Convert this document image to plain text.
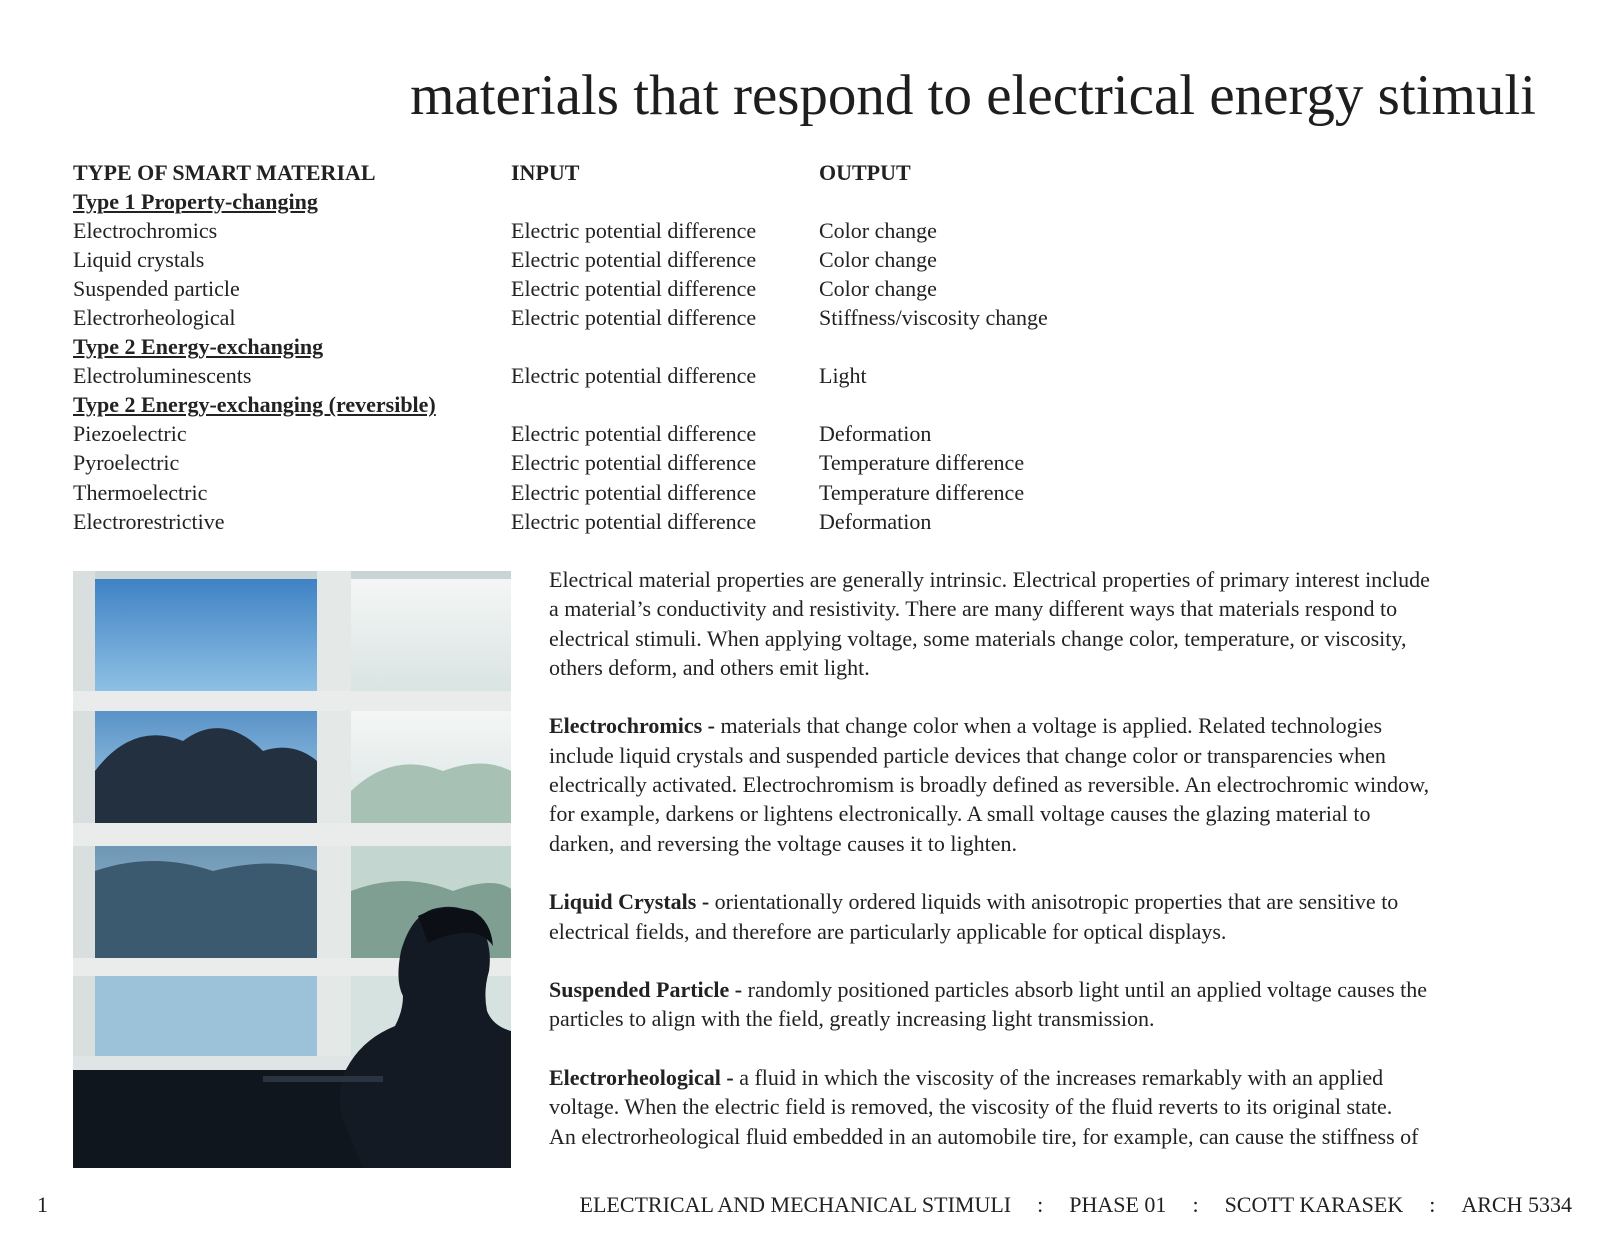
materials that respond to electrical energy stimuli
TYPE OF SMART MATERIAL	INPUT	OUTPUT
Type 1 Property-changing
Electrochromics	Electric potential difference	Color change
Liquid crystals	Electric potential difference	Color change
Suspended particle	Electric potential difference	Color change
Electrorheological	Electric potential difference	Stiffness/viscosity change
Type 2 Energy-exchanging
Electroluminescents	Electric potential difference	Light
Type 2 Energy-exchanging (reversible)
Piezoelectric	Electric potential difference	Deformation
Pyroelectric	Electric potential difference	Temperature difference
Thermoelectric	Electric potential difference	Temperature difference
Electrorestrictive	Electric potential difference	Deformation

Electrical material properties are generally intrinsic. Electrical properties of primary interest include
a material’s conductivity and resistivity. There are many different ways that materials respond to
electrical stimuli. When applying voltage, some materials change color, temperature, or viscosity,
others deform, and others emit light.

Electrochromics - materials that change color when a voltage is applied. Related technologies
include liquid crystals and suspended particle devices that change color or transparencies when
electrically activated. Electrochromism is broadly defined as reversible. An electrochromic window,
for example, darkens or lightens electronically. A small voltage causes the glazing material to
darken, and reversing the voltage causes it to lighten.

Liquid Crystals - orientationally ordered liquids with anisotropic properties that are sensitive to
electrical fields, and therefore are particularly applicable for optical displays.

Suspended Particle - randomly positioned particles absorb light until an applied voltage causes the
particles to align with the field, greatly increasing light transmission.

Electrorheological - a fluid in which the viscosity of the increases remarkably with an applied
voltage. When the electric field is removed, the viscosity of the fluid reverts to its original state.
An electrorheological fluid embedded in an automobile tire, for example, can cause the stiffness of

1	ELECTRICAL AND MECHANICAL STIMULI : PHASE 01 : SCOTT KARASEK : ARCH 5334
